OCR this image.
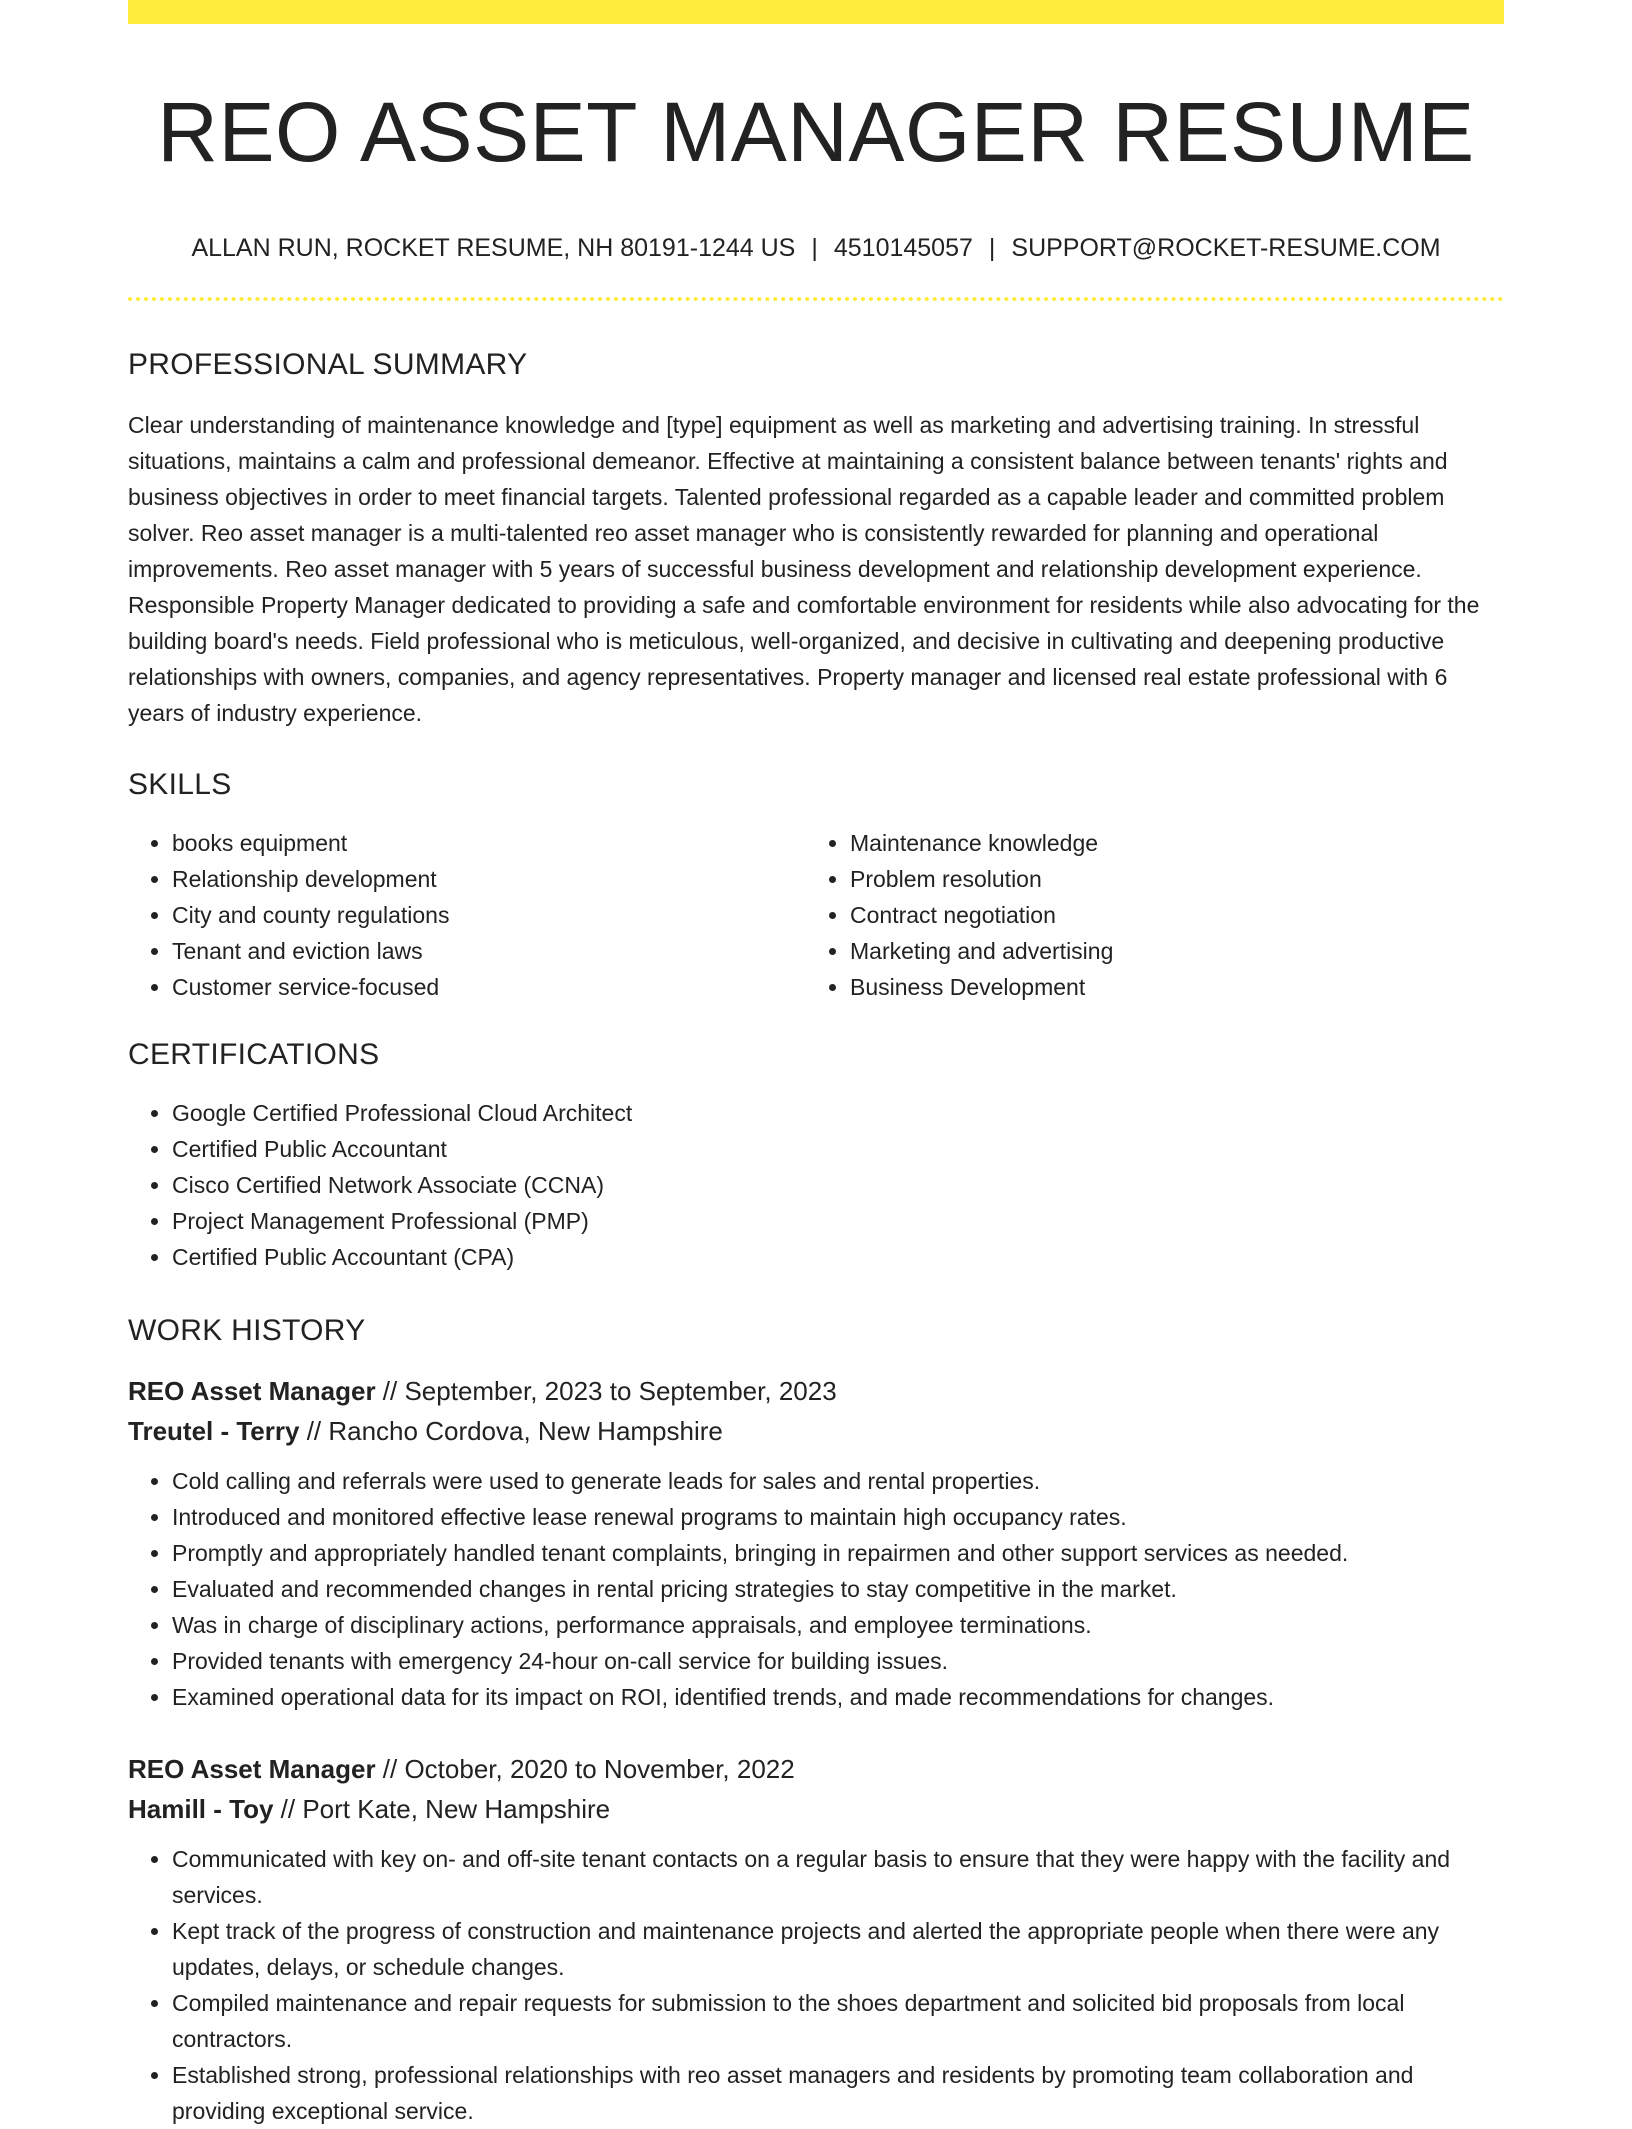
REO ASSET MANAGER RESUME
ALLAN RUN, ROCKET RESUME, NH 80191-1244 US | 4510145057 | SUPPORT@ROCKET-RESUME.COM
PROFESSIONAL SUMMARY
Clear understanding of maintenance knowledge and [type] equipment as well as marketing and advertising training. In stressful situations, maintains a calm and professional demeanor. Effective at maintaining a consistent balance between tenants' rights and business objectives in order to meet financial targets. Talented professional regarded as a capable leader and committed problem solver. Reo asset manager is a multi-talented reo asset manager who is consistently rewarded for planning and operational improvements. Reo asset manager with 5 years of successful business development and relationship development experience. Responsible Property Manager dedicated to providing a safe and comfortable environment for residents while also advocating for the building board's needs. Field professional who is meticulous, well-organized, and decisive in cultivating and deepening productive relationships with owners, companies, and agency representatives. Property manager and licensed real estate professional with 6 years of industry experience.
SKILLS
• books equipment
• Relationship development
• City and county regulations
• Tenant and eviction laws
• Customer service-focused
• Maintenance knowledge
• Problem resolution
• Contract negotiation
• Marketing and advertising
• Business Development
CERTIFICATIONS
• Google Certified Professional Cloud Architect
• Certified Public Accountant
• Cisco Certified Network Associate (CCNA)
• Project Management Professional (PMP)
• Certified Public Accountant (CPA)
WORK HISTORY
REO Asset Manager // September, 2023 to September, 2023
Treutel - Terry // Rancho Cordova, New Hampshire
• Cold calling and referrals were used to generate leads for sales and rental properties.
• Introduced and monitored effective lease renewal programs to maintain high occupancy rates.
• Promptly and appropriately handled tenant complaints, bringing in repairmen and other support services as needed.
• Evaluated and recommended changes in rental pricing strategies to stay competitive in the market.
• Was in charge of disciplinary actions, performance appraisals, and employee terminations.
• Provided tenants with emergency 24-hour on-call service for building issues.
• Examined operational data for its impact on ROI, identified trends, and made recommendations for changes.
REO Asset Manager // October, 2020 to November, 2022
Hamill - Toy // Port Kate, New Hampshire
• Communicated with key on- and off-site tenant contacts on a regular basis to ensure that they were happy with the facility and services.
• Kept track of the progress of construction and maintenance projects and alerted the appropriate people when there were any updates, delays, or schedule changes.
• Compiled maintenance and repair requests for submission to the shoes department and solicited bid proposals from local contractors.
• Established strong, professional relationships with reo asset managers and residents by promoting team collaboration and providing exceptional service.
